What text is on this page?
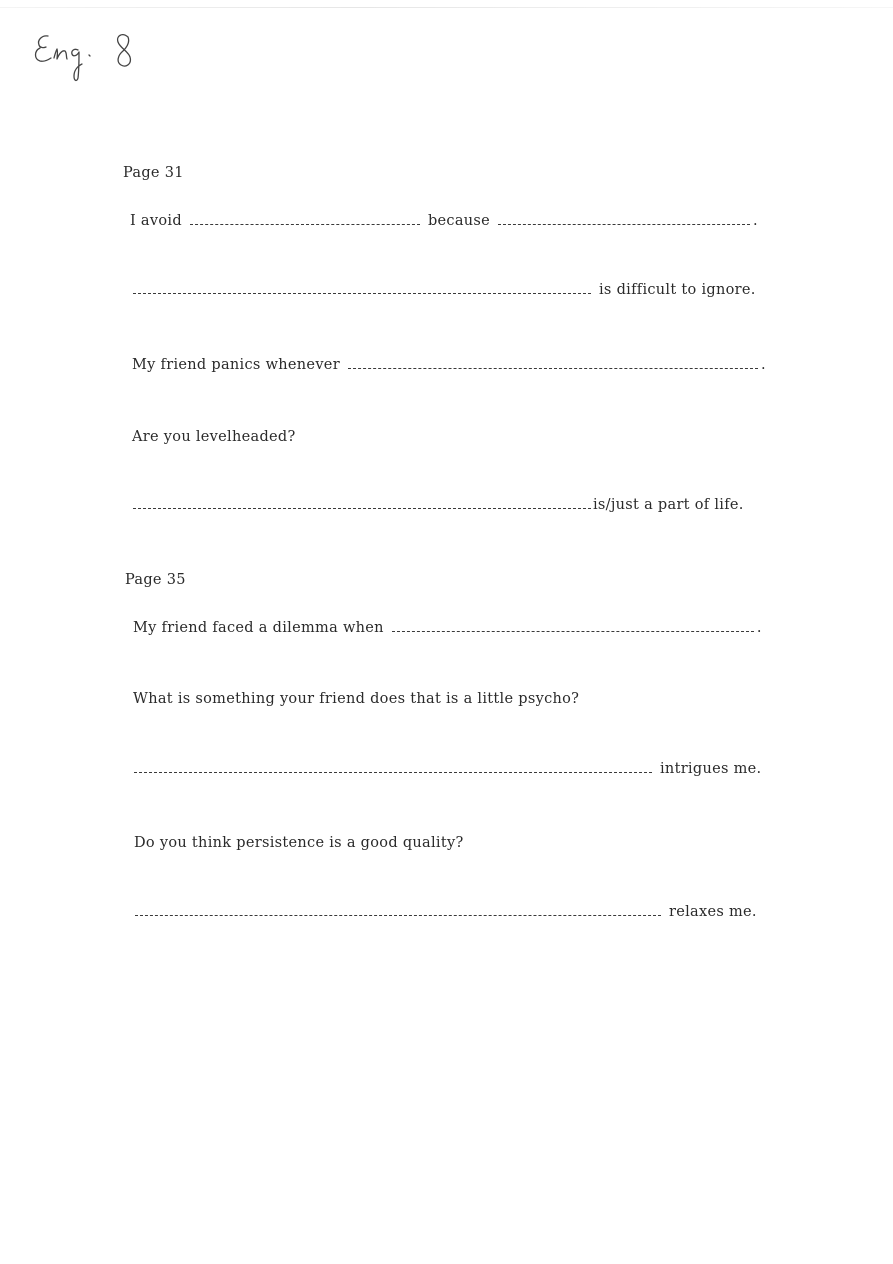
Page 31
I avoid	because	.
is difficult to ignore.
My friend panics whenever	.
Are you levelheaded?
is/just a part of life.
Page 35
My friend faced a dilemma when	.
What is something your friend does that is a little psycho?
intrigues me.
Do you think persistence is a good quality?
relaxes me.
